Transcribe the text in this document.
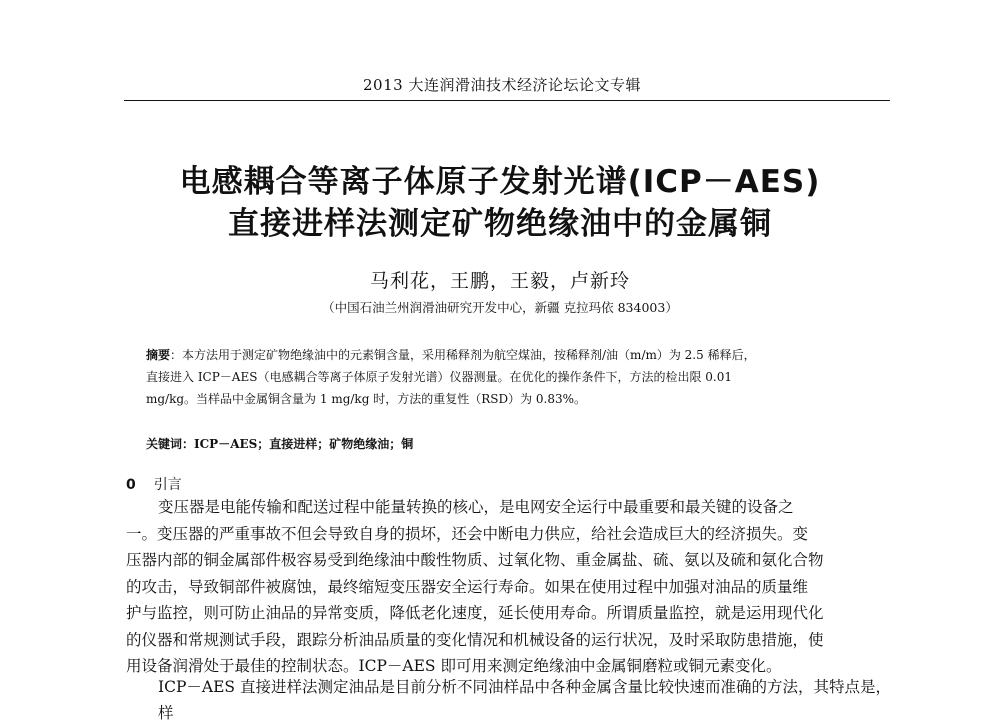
2013 大连润滑油技术经济论坛论文专辑
电感耦合等离子体原子发射光谱(ICP－AES)
直接进样法测定矿物绝缘油中的金属铜
马利花，王鹏，王毅，卢新玲
（中国石油兰州润滑油研究开发中心，新疆 克拉玛依 834003）
摘要：本方法用于测定矿物绝缘油中的元素铜含量，采用稀释剂为航空煤油，按稀释剂/油（m/m）为 2.5 稀释后，
直接进入 ICP－AES（电感耦合等离子体原子发射光谱）仪器测量。在优化的操作条件下，方法的检出限 0.01
mg/kg。当样品中金属铜含量为 1 mg/kg 时，方法的重复性（RSD）为 0.83%。
关键词：ICP－AES；直接进样；矿物绝缘油；铜
0 引言
变压器是电能传输和配送过程中能量转换的核心，是电网安全运行中最重要和最关键的设备之
一。变压器的严重事故不但会导致自身的损坏，还会中断电力供应，给社会造成巨大的经济损失。变
压器内部的铜金属部件极容易受到绝缘油中酸性物质、过氧化物、重金属盐、硫、氨以及硫和氨化合物
的攻击，导致铜部件被腐蚀，最终缩短变压器安全运行寿命。如果在使用过程中加强对油品的质量维
护与监控，则可防止油品的异常变质，降低老化速度，延长使用寿命。所谓质量监控，就是运用现代化
的仪器和常规测试手段，跟踪分析油品质量的变化情况和机械设备的运行状况，及时采取防患措施，使
用设备润滑处于最佳的控制状态。ICP－AES 即可用来测定绝缘油中金属铜磨粒或铜元素变化。
ICP－AES 直接进样法测定油品是目前分析不同油样品中各种金属含量比较快速而准确的方法，其特点是，样
